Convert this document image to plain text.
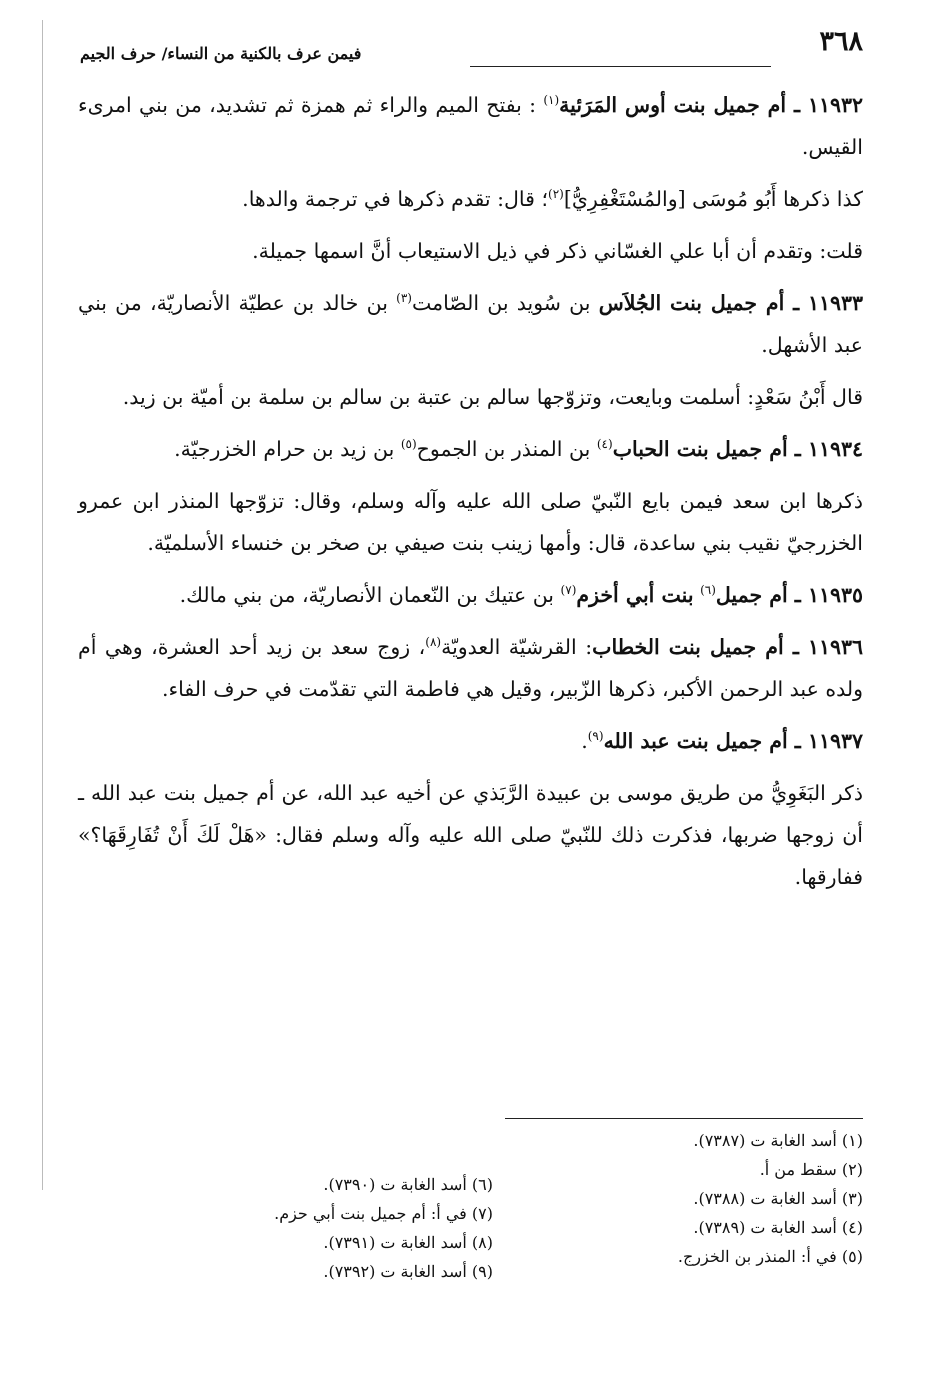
٣٦٨
فيمن عرف بالكنية من النساء/ حرف الجيم

١١٩٣٢ ـ أم جميل بنت أوس المَرَئية$^{(١)}$ : بفتح الميم والراء ثم همزة ثم تشديد، من بني امرىء القيس.

كذا ذكرها أَبُو مُوسَى [والمُسْتَغْفِرِيُّ]$^{(٢)}$؛ قال: تقدم ذكرها في ترجمة والدها.

قلت: وتقدم أن أبا علي الغسّاني ذكر في ذيل الاستيعاب أنَّ اسمها جميلة.

١١٩٣٣ ـ أم جميل بنت الجُلاَس بن سُويد بن الصّامت$^{(٣)}$ بن خالد بن عطيّة الأنصاريّة، من بني عبد الأشهل.

قال أَبْنُ سَعْدٍ: أسلمت وبايعت، وتزوّجها سالم بن عتبة بن سالم بن سلمة بن أميّة بن زيد.

١١٩٣٤ ـ أم جميل بنت الحباب$^{(٤)}$ بن المنذر بن الجموح$^{(٥)}$ بن زيد بن حرام الخزرجيّة.

ذكرها ابن سعد فيمن بايع النّبيّ صلى الله عليه وآله وسلم، وقال: تزوّجها المنذر ابن عمرو الخزرجيّ نقيب بني ساعدة، قال: وأمها زينب بنت صيفي بن صخر بن خنساء الأسلميّة.

١١٩٣٥ ـ أم جميل$^{(٦)}$ بنت أبي أخزم$^{(٧)}$ بن عتيك بن النّعمان الأنصاريّة، من بني مالك.

١١٩٣٦ ـ أم جميل بنت الخطاب: القرشيّة العدويّة$^{(٨)}$، زوج سعد بن زيد أحد العشرة، وهي أم ولده عبد الرحمن الأكبر، ذكرها الزّبير، وقيل هي فاطمة التي تقدّمت في حرف الفاء.

١١٩٣٧ ـ أم جميل بنت عبد الله$^{(٩)}$.

ذكر البَغَوِيُّ من طريق موسى بن عبيدة الرَّبَذي عن أخيه عبد الله، عن أم جميل بنت عبد الله ـ أن زوجها ضربها، فذكرت ذلك للنّبيّ صلى الله عليه وآله وسلم فقال: «هَلْ لَكَ أَنْ تُفَارِقَهَا؟» ففارقها.

(١) أسد الغابة ت (٧٣٨٧).
(٢) سقط من أ.
(٣) أسد الغابة ت (٧٣٨٨).
(٤) أسد الغابة ت (٧٣٨٩).
(٥) في أ: المنذر بن الخزرج.
(٦) أسد الغابة ت (٧٣٩٠).
(٧) في أ: أم جميل بنت أبي حزم.
(٨) أسد الغابة ت (٧٣٩١).
(٩) أسد الغابة ت (٧٣٩٢).
